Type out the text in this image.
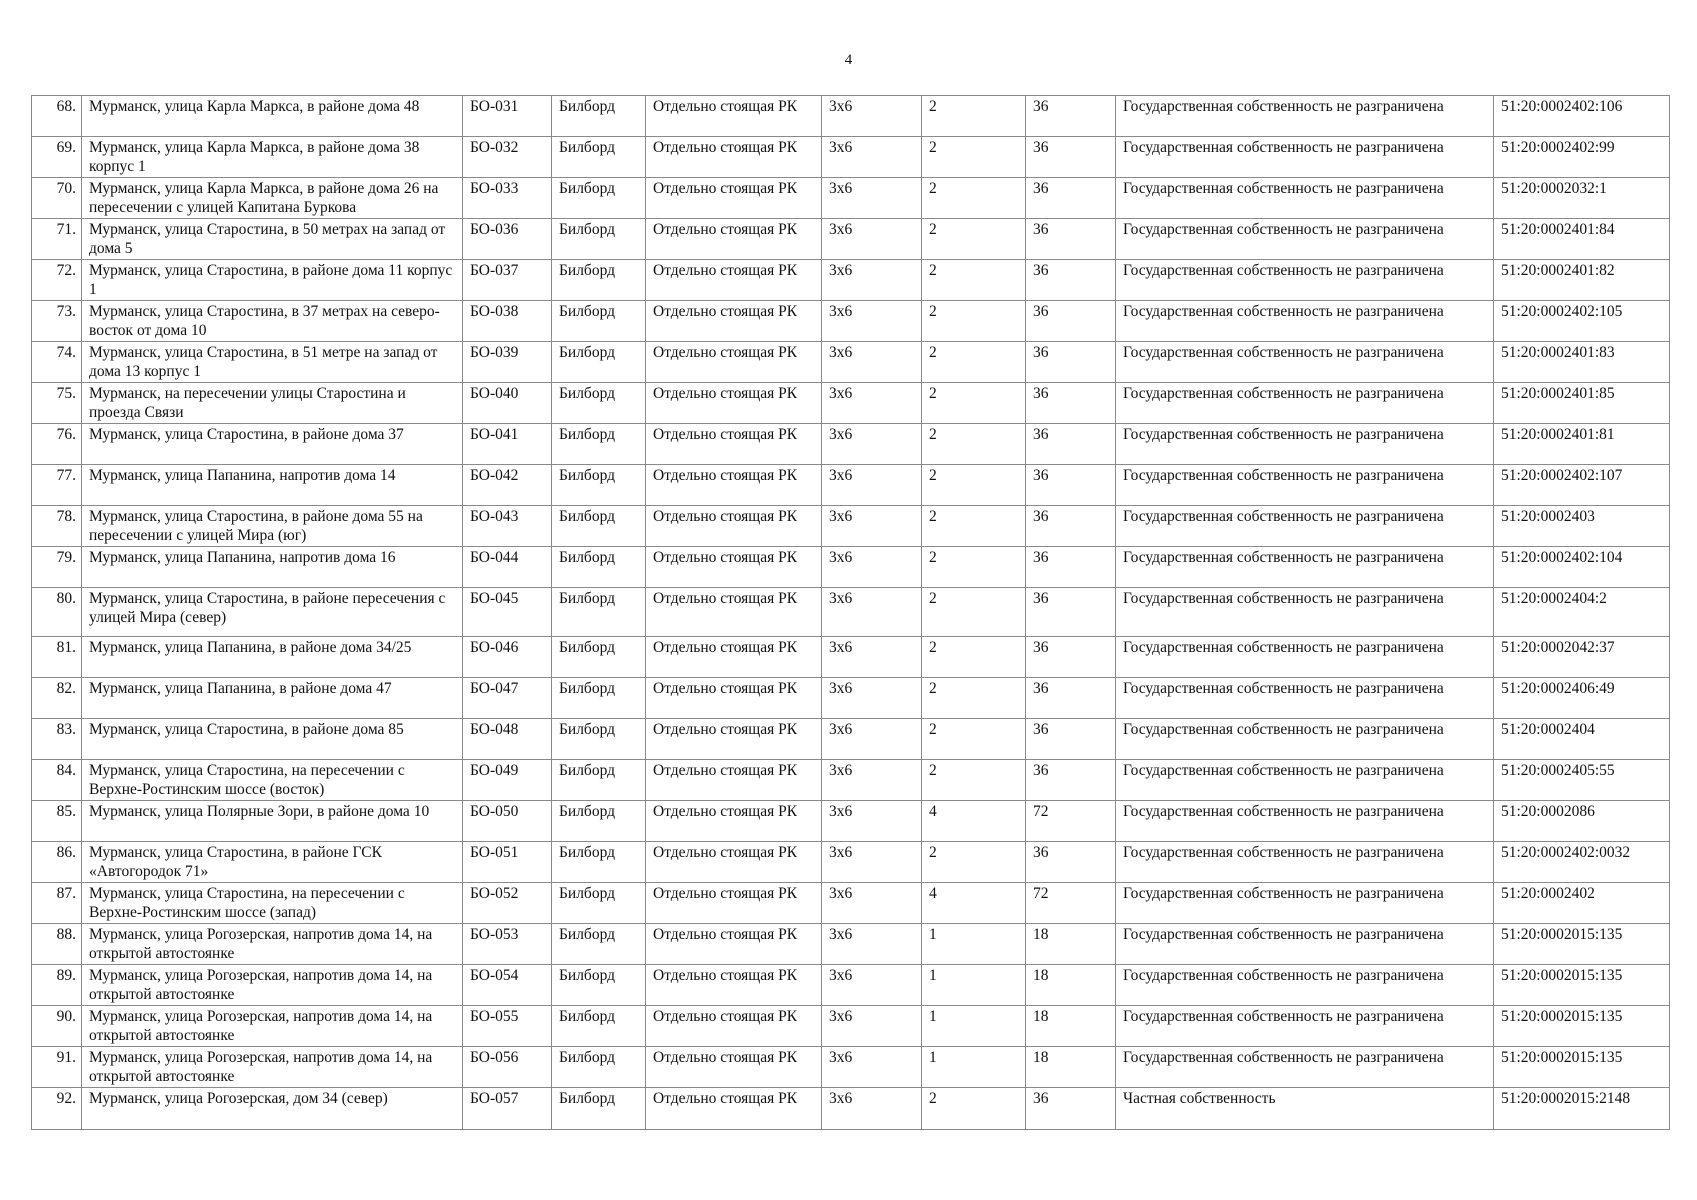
4
68.	Мурманск, улица Карла Маркса, в районе дома 48	БО-031	Билборд	Отдельно стоящая РК	3х6	2	36	Государственная собственность не разграничена	51:20:0002402:106
69.	Мурманск, улица Карла Маркса, в районе дома 38 корпус 1	БО-032	Билборд	Отдельно стоящая РК	3х6	2	36	Государственная собственность не разграничена	51:20:0002402:99
70.	Мурманск, улица Карла Маркса, в районе дома 26 на пересечении с улицей Капитана Буркова	БО-033	Билборд	Отдельно стоящая РК	3х6	2	36	Государственная собственность не разграничена	51:20:0002032:1
71.	Мурманск, улица Старостина, в 50 метрах на запад от дома 5	БО-036	Билборд	Отдельно стоящая РК	3х6	2	36	Государственная собственность не разграничена	51:20:0002401:84
72.	Мурманск, улица Старостина, в районе дома 11 корпус 1	БО-037	Билборд	Отдельно стоящая РК	3х6	2	36	Государственная собственность не разграничена	51:20:0002401:82
73.	Мурманск, улица Старостина, в 37 метрах на северо-восток от дома 10	БО-038	Билборд	Отдельно стоящая РК	3х6	2	36	Государственная собственность не разграничена	51:20:0002402:105
74.	Мурманск, улица Старостина, в 51 метре на запад от дома 13 корпус 1	БО-039	Билборд	Отдельно стоящая РК	3х6	2	36	Государственная собственность не разграничена	51:20:0002401:83
75.	Мурманск, на пересечении улицы Старостина и проезда Связи	БО-040	Билборд	Отдельно стоящая РК	3х6	2	36	Государственная собственность не разграничена	51:20:0002401:85
76.	Мурманск, улица Старостина, в районе дома 37	БО-041	Билборд	Отдельно стоящая РК	3х6	2	36	Государственная собственность не разграничена	51:20:0002401:81
77.	Мурманск, улица Папанина, напротив дома 14	БО-042	Билборд	Отдельно стоящая РК	3х6	2	36	Государственная собственность не разграничена	51:20:0002402:107
78.	Мурманск, улица Старостина, в районе дома 55 на пересечении с улицей Мира (юг)	БО-043	Билборд	Отдельно стоящая РК	3х6	2	36	Государственная собственность не разграничена	51:20:0002403
79.	Мурманск, улица Папанина, напротив дома 16	БО-044	Билборд	Отдельно стоящая РК	3х6	2	36	Государственная собственность не разграничена	51:20:0002402:104
80.	Мурманск, улица Старостина, в районе пересечения с улицей Мира (север)	БО-045	Билборд	Отдельно стоящая РК	3х6	2	36	Государственная собственность не разграничена	51:20:0002404:2
81.	Мурманск, улица Папанина, в районе дома 34/25	БО-046	Билборд	Отдельно стоящая РК	3х6	2	36	Государственная собственность не разграничена	51:20:0002042:37
82.	Мурманск, улица Папанина, в районе дома 47	БО-047	Билборд	Отдельно стоящая РК	3х6	2	36	Государственная собственность не разграничена	51:20:0002406:49
83.	Мурманск, улица Старостина, в районе дома 85	БО-048	Билборд	Отдельно стоящая РК	3х6	2	36	Государственная собственность не разграничена	51:20:0002404
84.	Мурманск, улица Старостина, на пересечении с Верхне-Ростинским шоссе (восток)	БО-049	Билборд	Отдельно стоящая РК	3х6	2	36	Государственная собственность не разграничена	51:20:0002405:55
85.	Мурманск, улица Полярные Зори, в районе дома 10	БО-050	Билборд	Отдельно стоящая РК	3х6	4	72	Государственная собственность не разграничена	51:20:0002086
86.	Мурманск, улица Старостина, в районе ГСК «Автогородок 71»	БО-051	Билборд	Отдельно стоящая РК	3х6	2	36	Государственная собственность не разграничена	51:20:0002402:0032
87.	Мурманск, улица Старостина, на пересечении с Верхне-Ростинским шоссе (запад)	БО-052	Билборд	Отдельно стоящая РК	3х6	4	72	Государственная собственность не разграничена	51:20:0002402
88.	Мурманск, улица Рогозерская, напротив дома 14, на открытой автостоянке	БО-053	Билборд	Отдельно стоящая РК	3х6	1	18	Государственная собственность не разграничена	51:20:0002015:135
89.	Мурманск, улица Рогозерская, напротив дома 14, на открытой автостоянке	БО-054	Билборд	Отдельно стоящая РК	3х6	1	18	Государственная собственность не разграничена	51:20:0002015:135
90.	Мурманск, улица Рогозерская, напротив дома 14, на открытой автостоянке	БО-055	Билборд	Отдельно стоящая РК	3х6	1	18	Государственная собственность не разграничена	51:20:0002015:135
91.	Мурманск, улица Рогозерская, напротив дома 14, на открытой автостоянке	БО-056	Билборд	Отдельно стоящая РК	3х6	1	18	Государственная собственность не разграничена	51:20:0002015:135
92.	Мурманск, улица Рогозерская, дом 34 (север)	БО-057	Билборд	Отдельно стоящая РК	3х6	2	36	Частная собственность	51:20:0002015:2148
